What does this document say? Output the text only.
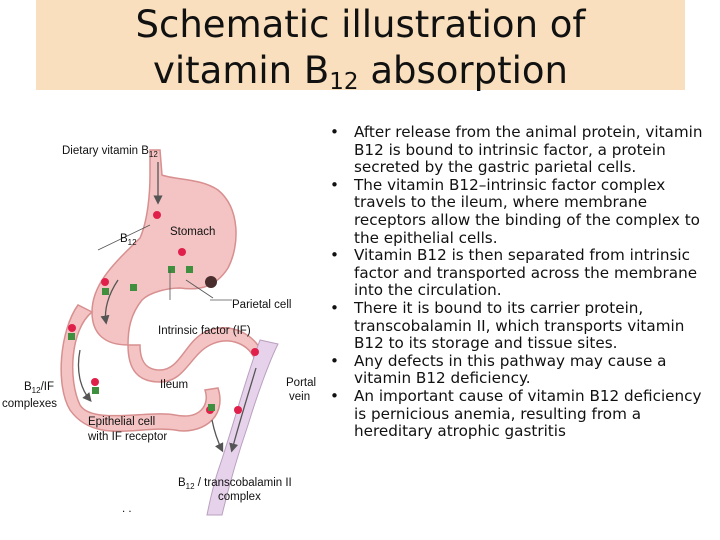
Schematic illustration of
vitamin $B_{12}$ absorption
Dietary vitamin $B_{12}$
$B_{12}$
Stomach
Parietal cell
Intrinsic factor (IF)
$B_{12}/IF$
complexes
Ileum	Portal
vein
Epithelial cell
with IF receptor
$B_{12}$ / transcobalamin II
complex
. .
• After release from the animal protein, vitamin B12 is bound to intrinsic factor, a protein secreted by the gastric parietal cells.
• The vitamin B12–intrinsic factor complex travels to the ileum, where membrane receptors allow the binding of the complex to the epithelial cells.
• Vitamin B12 is then separated from intrinsic factor and transported across the membrane into the circulation.
• There it is bound to its carrier protein, transcobalamin II, which transports vitamin B12 to its storage and tissue sites.
• Any defects in this pathway may cause a vitamin B12 deficiency.
• An important cause of vitamin B12 deficiency is pernicious anemia, resulting from a hereditary atrophic gastritis
